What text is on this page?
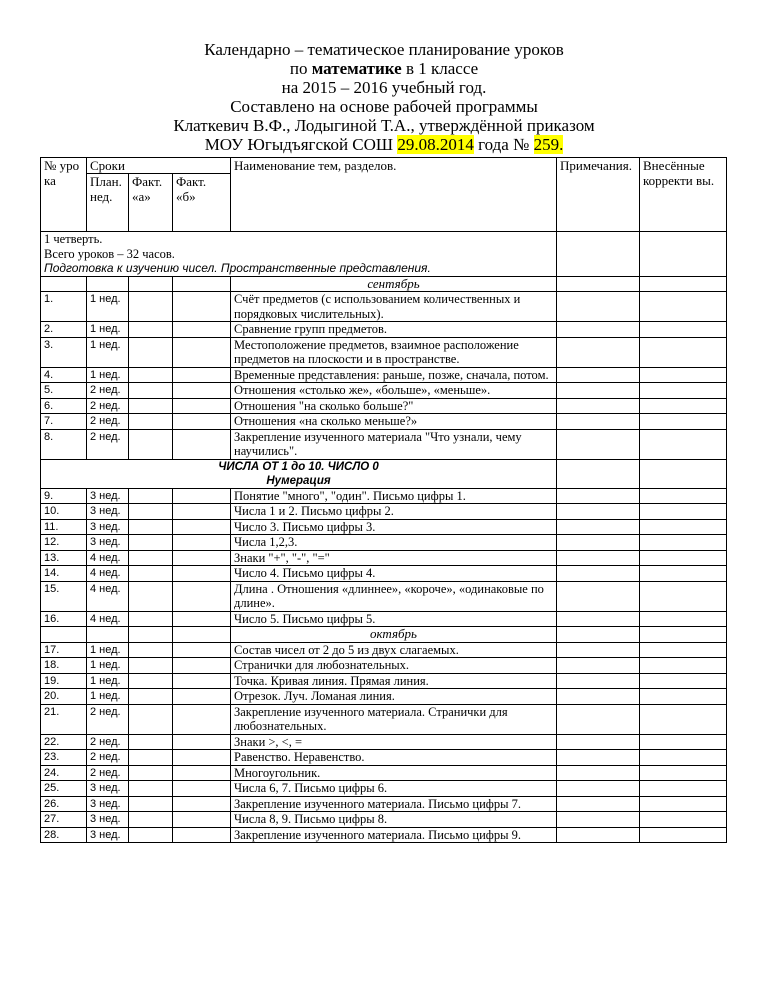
Календарно – тематическое планирование уроков
по математике в 1 классе
на 2015 – 2016 учебный год.
Составлено на основе рабочей программы
Клаткевич В.Ф., Лодыгиной Т.А., утверждённой приказом
МОУ Югыдъягской СОШ 29.08.2014 года № 259.
№ уро ка	Сроки			Наименование тем, разделов.	Примечания.	Внесённые корректи вы.
	План. нед.	Факт. «а»	Факт. «б»			

1 четверть.
Всего уроков – 32 часов.
Подготовка к изучению чисел. Пространственные представления.						

				сентябрь		
1.	1 нед.			Счёт предметов (с использованием количественных и порядковых числительных).		
2.	1 нед.			Сравнение групп предметов.		
3.	1 нед.			Местоположение предметов, взаимное расположение предметов на плоскости и в пространстве.		
4.	1 нед.			Временные представления: раньше, позже, сначала, потом.		
5.	2 нед.			Отношения «столько же», «больше», «меньше».		
6.	2 нед.			Отношения "на сколько больше?"		
7.	2 нед.			Отношения «на сколько меньше?»		
8.	2 нед.			Закрепление изученного материала "Что узнали, чему научились".		

ЧИСЛА ОТ 1 до 10. ЧИСЛО 0
Нумерация						

9.	3 нед.			Понятие "много", "один". Письмо цифры 1.		
10.	3 нед.			Числа 1 и 2. Письмо цифры 2.		
11.	3 нед.			Число 3. Письмо цифры 3.		
12.	3 нед.			Числа 1,2,3.		
13.	4 нед.			Знаки "+", "-", "="		
14.	4 нед.			Число 4. Письмо цифры 4.		
15.	4 нед.			Длина . Отношения «длиннее», «короче», «одинаковые по длине».		
16.	4 нед.			Число 5. Письмо цифры 5.		
				октябрь		
17.	1 нед.			Состав чисел от 2 до 5 из двух слагаемых.		
18.	1 нед.			Странички для любознательных.		
19.	1 нед.			Точка. Кривая линия. Прямая линия.		
20.	1 нед.			Отрезок. Луч. Ломаная линия.		
21.	2 нед.			Закрепление изученного материала. Странички для любознательных.		
22.	2 нед.			Знаки >, <, =		
23.	2 нед.			Равенство. Неравенство.		
24.	2 нед.			Многоугольник.		
25.	3 нед.			Числа 6, 7. Письмо цифры 6.		
26.	3 нед.			Закрепление изученного материала. Письмо цифры 7.		
27.	3 нед.			Числа 8, 9. Письмо цифры 8.		
28.	3 нед.			Закрепление изученного материала. Письмо цифры 9.		
